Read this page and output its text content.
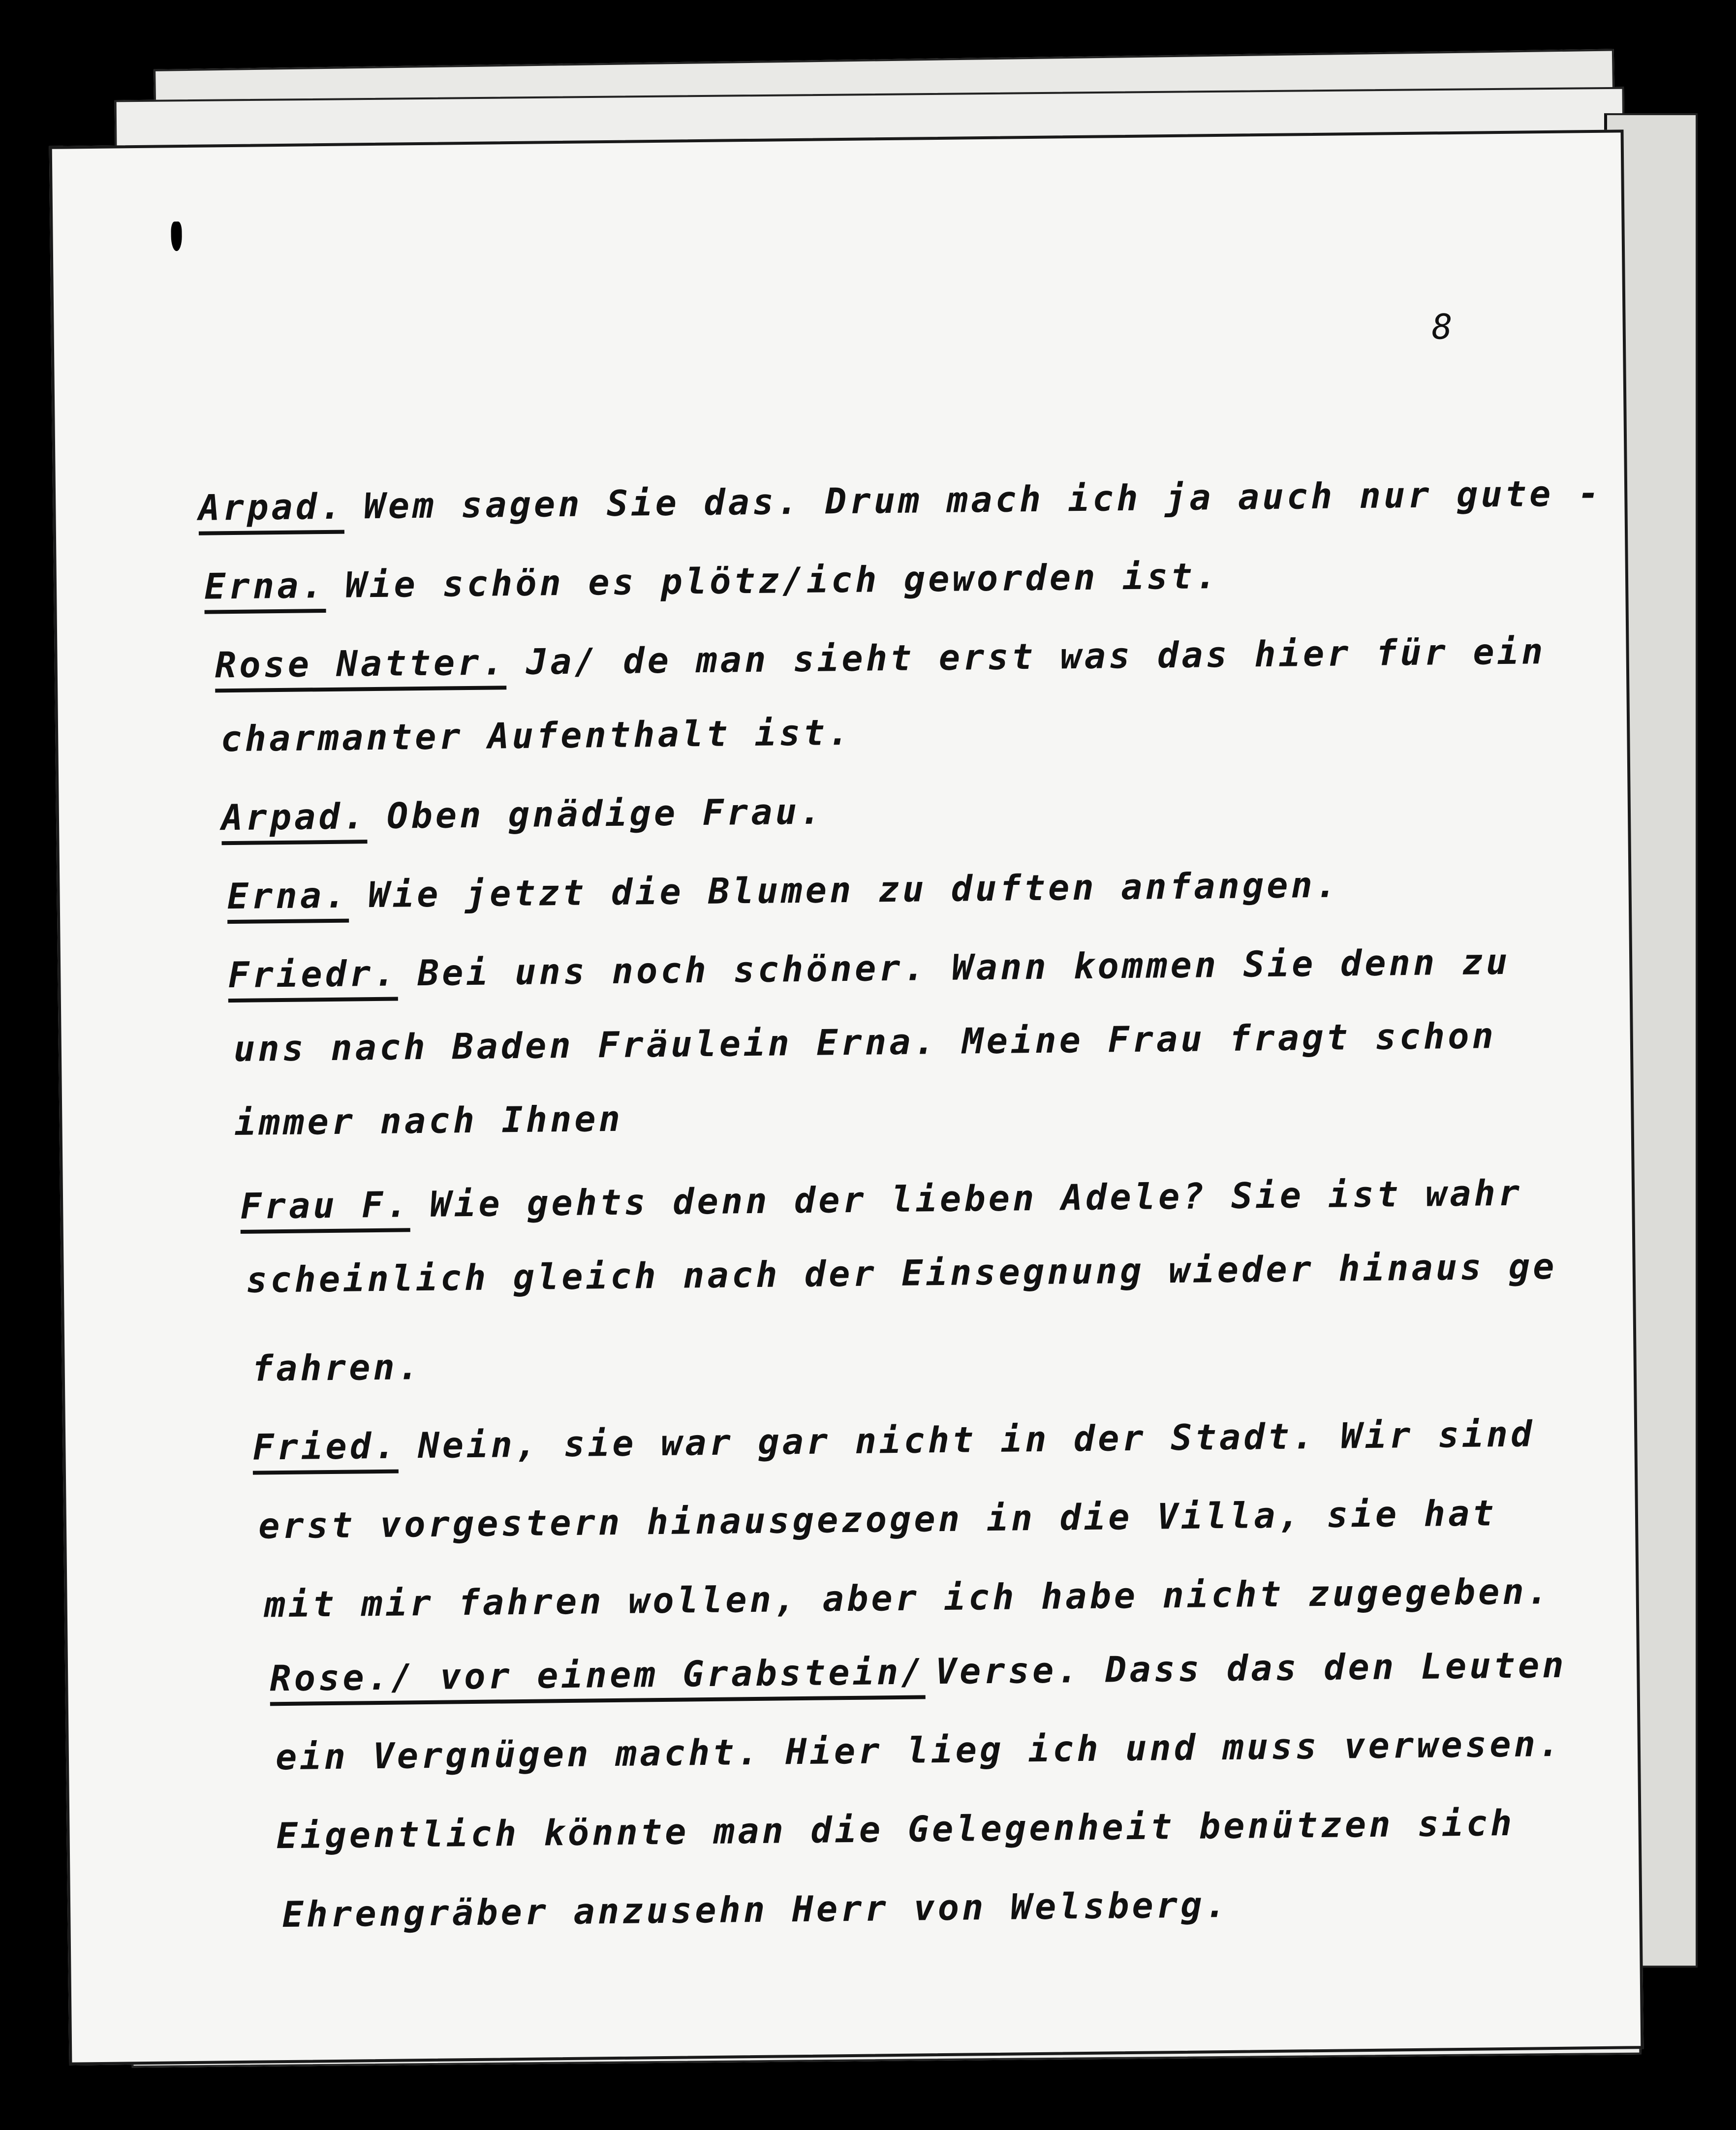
8
Arpad. Wem sagen Sie das. Drum mach ich ja auch nur gute -
Erna. Wie schön es plötz/ich geworden ist.
Rose Natter. Ja/ de man sieht erst was das hier für ein
charmanter Aufenthalt ist.
Arpad. Oben gnädige Frau.
Erna. Wie jetzt die Blumen zu duften anfangen.
Friedr. Bei uns noch schöner. Wann kommen Sie denn zu
uns nach Baden Fräulein Erna. Meine Frau fragt schon
immer nach Ihnen
Frau F. Wie gehts denn der lieben Adele? Sie ist wahr
scheinlich gleich nach der Einsegnung wieder hinaus ge
fahren.
Fried. Nein, sie war gar nicht in der Stadt. Wir sind
erst vorgestern hinausgezogen in die Villa, sie hat
mit mir fahren wollen, aber ich habe nicht zugegeben.
Rose./ vor einem Grabstein/ Verse. Dass das den Leuten
ein Vergnügen macht. Hier lieg ich und muss verwesen.
Eigentlich könnte man die Gelegenheit benützen sich
Ehrengräber anzusehn Herr von Welsberg.
